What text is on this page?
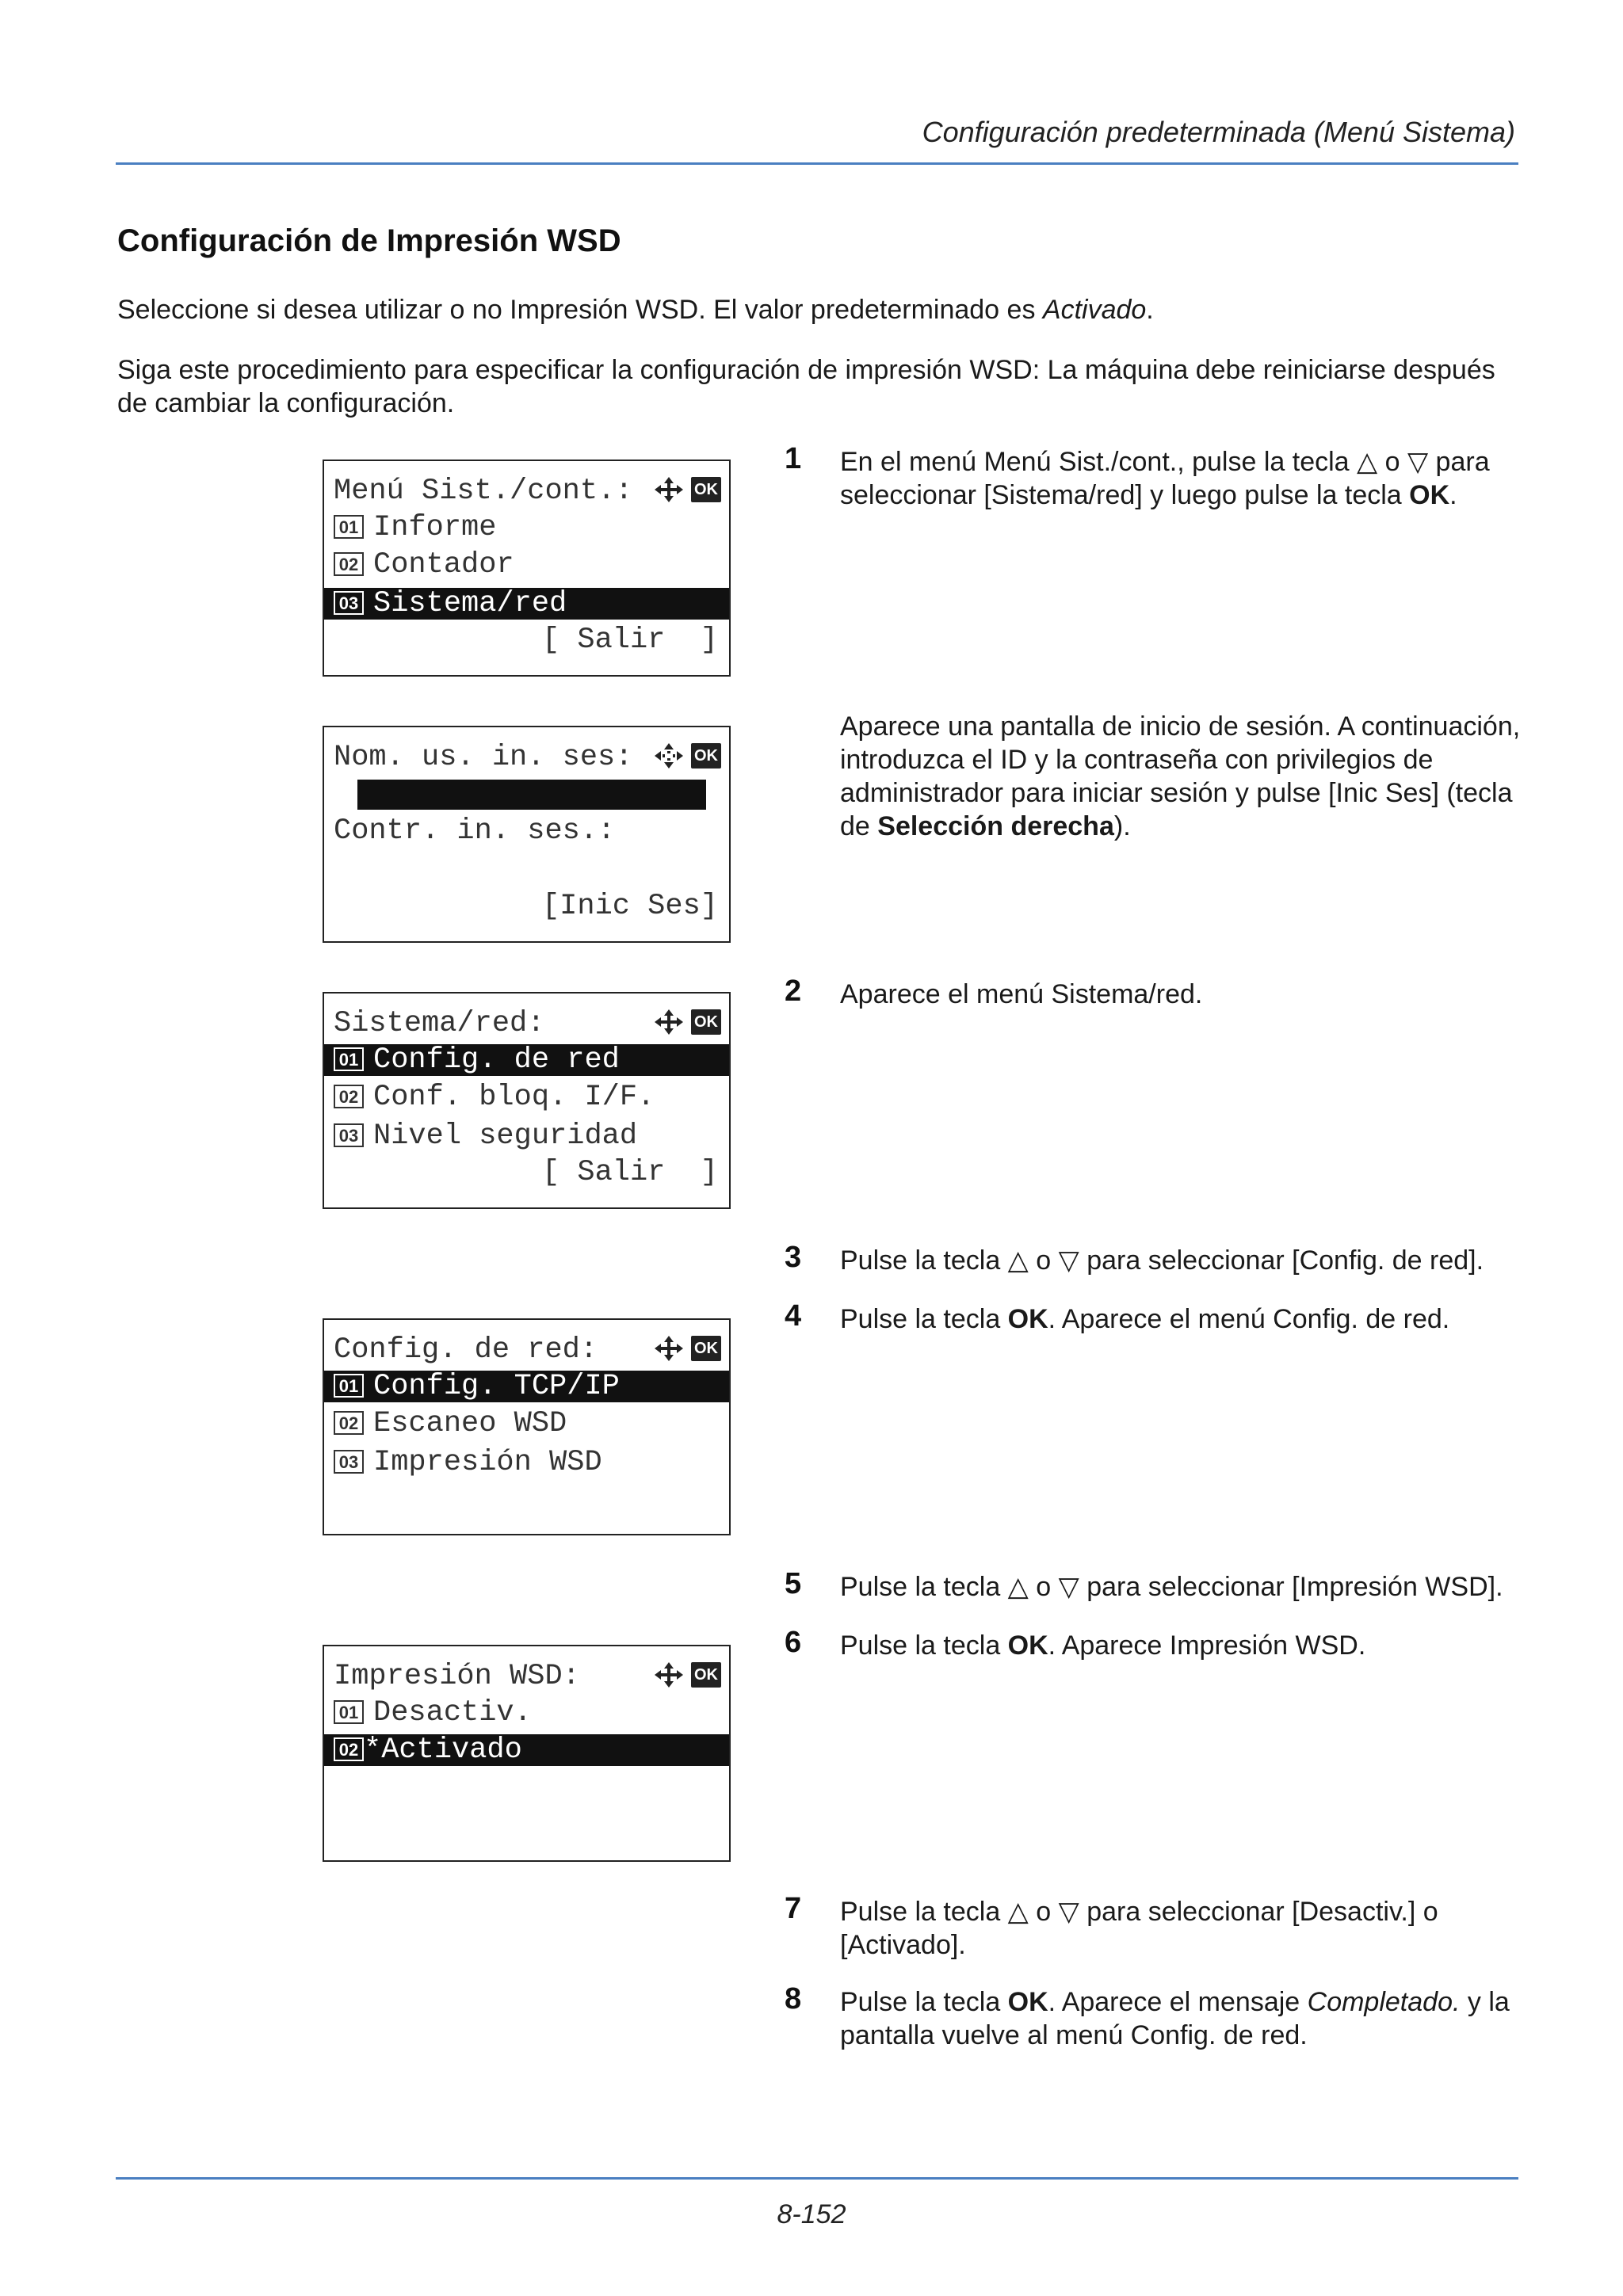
Configuración predeterminada (Menú Sistema)
Configuración de Impresión WSD
Seleccione si desea utilizar o no Impresión WSD. El valor predeterminado es Activado.
Siga este procedimiento para especificar la configuración de impresión WSD: La máquina debe reiniciarse después de cambiar la configuración.
Menú Sist./cont.:	OK
01 Informe
02 Contador
03 Sistema/red
[ Salir  ]
Nom. us. in. ses:	OK
Contr. in. ses.:
[Inic Ses]
Sistema/red:	OK
01 Config. de red
02 Conf. bloq. I/F.
03 Nivel seguridad
[ Salir  ]
Config. de red:	OK
01 Config. TCP/IP
02 Escaneo WSD
03 Impresión WSD
Impresión WSD:	OK
01 Desactiv.
02 *Activado
1 En el menú Menú Sist./cont., pulse la tecla △ o ▽ para seleccionar [Sistema/red] y luego pulse la tecla OK.
Aparece una pantalla de inicio de sesión. A continuación, introduzca el ID y la contraseña con privilegios de administrador para iniciar sesión y pulse [Inic Ses] (tecla de Selección derecha).
2 Aparece el menú Sistema/red.
3 Pulse la tecla △ o ▽ para seleccionar [Config. de red].
4 Pulse la tecla OK. Aparece el menú Config. de red.
5 Pulse la tecla △ o ▽ para seleccionar [Impresión WSD].
6 Pulse la tecla OK. Aparece Impresión WSD.
7 Pulse la tecla △ o ▽ para seleccionar [Desactiv.] o [Activado].
8 Pulse la tecla OK. Aparece el mensaje Completado. y la pantalla vuelve al menú Config. de red.
8-152
